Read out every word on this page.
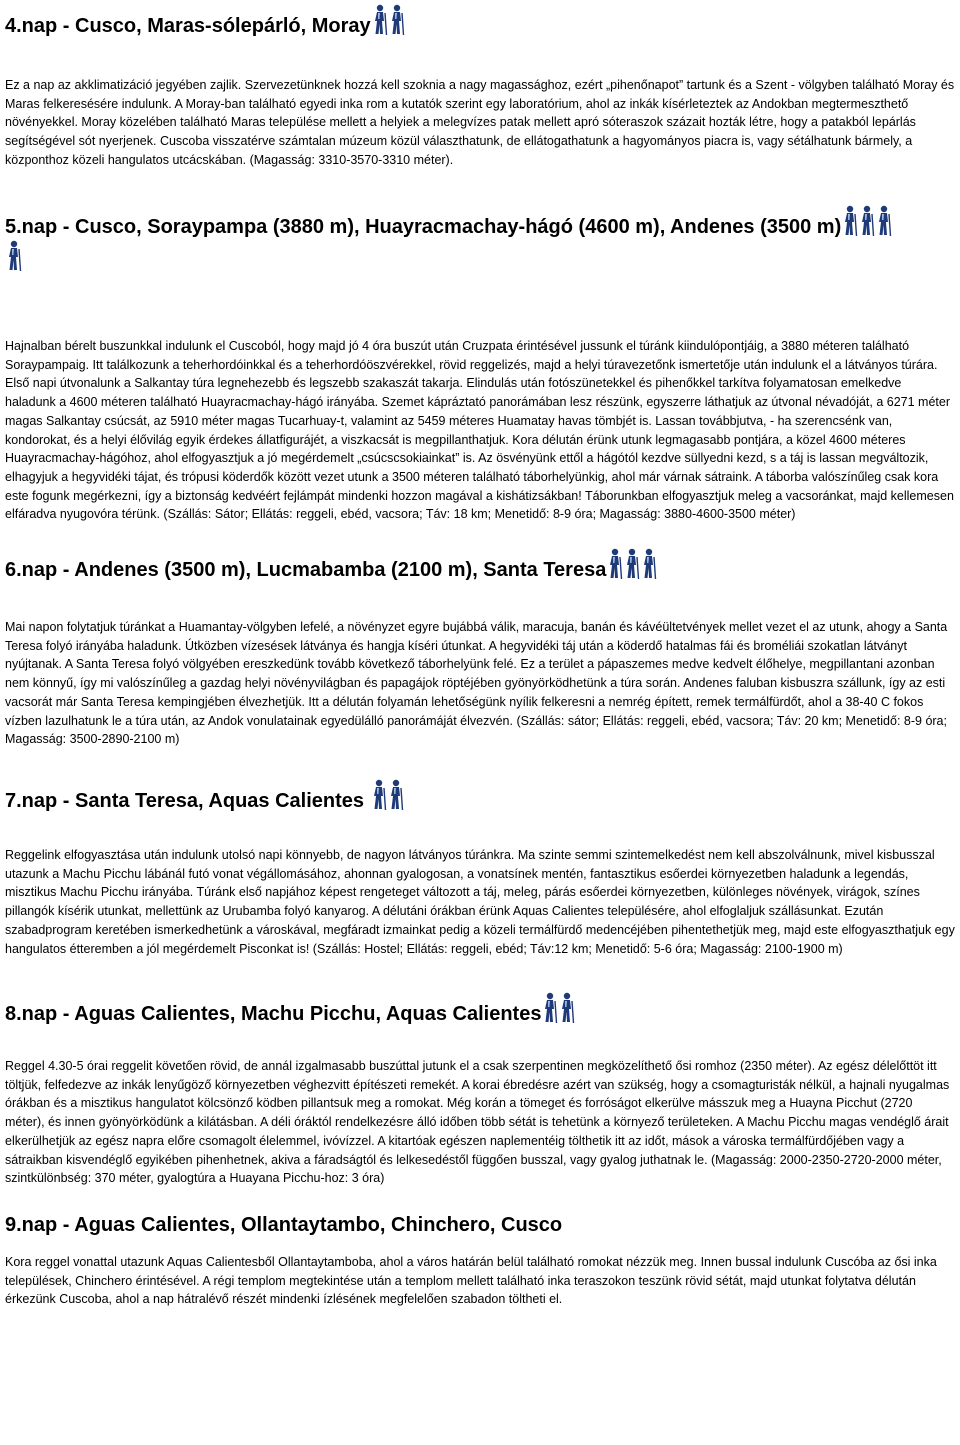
4.nap - Cusco, Maras-sólepárló, Moray

Ez a nap az akklimatizáció jegyében zajlik. Szervezetünknek hozzá kell szoknia a nagy magassághoz, ezért „pihenőnapot” tartunk és a Szent - völgyben található Moray és Maras felkeresésére indulunk. A Moray-ban található egyedi inka rom a kutatók szerint egy laboratórium, ahol az inkák kísérleteztek az Andokban megtermeszthető növényekkel. Moray közelében található Maras települése mellett a helyiek a melegvízes patak mellett apró sóteraszok százait hozták létre, hogy a patakból lepárlás segítségével sót nyerjenek. Cuscoba visszatérve számtalan múzeum közül választhatunk, de ellátogathatunk a hagyományos piacra is, vagy sétálhatunk bármely, a központhoz közeli hangulatos utcácskában. (Magasság: 3310-3570-3310 méter).

5.nap - Cusco, Soraypampa (3880 m), Huayracmachay-hágó (4600 m), Andenes (3500 m)

Hajnalban bérelt buszunkkal indulunk el Cuscoból, hogy majd jó 4 óra buszút után Cruzpata érintésével jussunk el túránk kiindulópontjáig, a 3880 méteren található Soraypampaig. Itt találkozunk a teherhordóinkkal és a teherhordóöszvérekkel, rövid reggelizés, majd a helyi túravezetőnk ismertetője után indulunk el a látványos túrára. Első napi útvonalunk a Salkantay túra legnehezebb és legszebb szakaszát takarja. Elindulás után fotószünetekkel és pihenőkkel tarkítva folyamatosan emelkedve haladunk a 4600 méteren található Huayracmachay-hágó irányába. Szemet kápráztató panorámában lesz részünk, egyszerre láthatjuk az útvonal névadóját, a 6271 méter magas Salkantay csúcsát, az 5910 méter magas Tucarhuay-t, valamint az 5459 méteres Huamatay havas tömbjét is. Lassan továbbjutva, - ha szerencsénk van, kondorokat, és a helyi élővilág egyik érdekes állatfigurájét, a viszkacsát is megpillanthatjuk. Kora délután érünk utunk legmagasabb pontjára, a közel 4600 méteres Huayracmachay-hágóhoz, ahol elfogyasztjuk a jó megérdemelt „csúcscsokiainkat” is. Az ösvényünk ettől a hágótól kezdve süllyedni kezd, s a táj is lassan megváltozik, elhagyjuk a hegyvidéki tájat, és trópusi köderdők között vezet utunk a 3500 méteren található táborhelyünkig, ahol már várnak sátraink. A táborba valószínűleg csak kora este fogunk megérkezni, így a biztonság kedvéért fejlámpát mindenki hozzon magával a kishátizsákban! Táborunkban elfogyasztjuk meleg a vacsoránkat, majd kellemesen elfáradva nyugovóra térünk. (Szállás: Sátor; Ellátás: reggeli, ebéd, vacsora; Táv: 18 km; Menetidő: 8-9 óra; Magasság: 3880-4600-3500 méter)

6.nap - Andenes (3500 m), Lucmabamba (2100 m), Santa Teresa

Mai napon folytatjuk túránkat a Huamantay-völgyben lefelé, a növényzet egyre bujábbá válik, maracuja, banán és kávéültetvények mellet vezet el az utunk, ahogy a Santa Teresa folyó irányába haladunk. Útközben vízesések látványa és hangja kíséri útunkat. A hegyvidéki táj után a köderdő hatalmas fái és broméliái szokatlan látványt nyújtanak. A Santa Teresa folyó völgyében ereszkedünk tovább következő táborhelyünk felé. Ez a terület a pápaszemes medve kedvelt élőhelye, megpillantani azonban nem könnyű, így mi valószínűleg a gazdag helyi növényvilágban és papagájok röptéjében gyönyörködhetünk a túra során. Andenes faluban kisbuszra szállunk, így az esti vacsorát már Santa Teresa kempingjében élvezhetjük. Itt a délután folyamán lehetőségünk nyílik felkeresni a nemrég épített, remek termálfürdőt, ahol a 38-40 C fokos vízben lazulhatunk le a túra után, az Andok vonulatainak egyedülálló panorámáját élvezvén. (Szállás: sátor; Ellátás: reggeli, ebéd, vacsora; Táv: 20 km; Menetidő: 8-9 óra; Magasság: 3500-2890-2100 m)

7.nap - Santa Teresa, Aquas Calientes

Reggelink elfogyasztása után indulunk utolsó napi könnyebb, de nagyon látványos túránkra. Ma szinte semmi szintemelkedést nem kell abszolválnunk, mivel kisbusszal utazunk a Machu Picchu lábánál futó vonat végállomásához, ahonnan gyalogosan, a vonatsínek mentén, fantasztikus esőerdei környezetben haladunk a legendás, misztikus Machu Picchu irányába. Túránk első napjához képest rengeteget változott a táj, meleg, párás esőerdei környezetben, különleges növények, virágok, színes pillangók kísérik utunkat, mellettünk az Urubamba folyó kanyarog. A délutáni órákban érünk Aquas Calientes településére, ahol elfoglaljuk szállásunkat. Ezután szabadprogram keretében ismerkedhetünk a városkával, megfáradt izmainkat pedig a közeli termálfürdő medencéjében pihentethetjük meg, majd este elfogyaszthatjuk egy hangulatos étteremben a jól megérdemelt Pisconkat is! (Szállás: Hostel; Ellátás: reggeli, ebéd; Táv:12 km; Menetidő: 5-6 óra; Magasság: 2100-1900 m)

8.nap - Aguas Calientes, Machu Picchu, Aquas Calientes

Reggel 4.30-5 órai reggelit követően rövid, de annál izgalmasabb buszúttal jutunk el a csak szerpentinen megközelíthető ősi romhoz (2350 méter). Az egész délelőttöt itt töltjük, felfedezve az inkák lenyűgöző környezetben véghezvitt építészeti remekét. A korai ébredésre azért van szükség, hogy a csomagturisták nélkül, a hajnali nyugalmas órákban és a misztikus hangulatot kölcsönző ködben pillantsuk meg a romokat. Még korán a tömeget és forróságot elkerülve másszuk meg a Huayna Picchut (2720 méter), és innen gyönyörködünk a kilátásban. A déli óráktól rendelkezésre álló időben több sétát is tehetünk a környező területeken. A Machu Picchu magas vendéglő árait elkerülhetjük az egész napra előre csomagolt élelemmel, ivóvízzel. A kitartóak egészen naplementéig tölthetik itt az időt, mások a városka termálfürdőjében vagy a sátraikban kisvendéglő egyikében pihenhetnek, akiva a fáradságtól és lelkesedéstől függően busszal, vagy gyalog juthatnak le. (Magasság: 2000-2350-2720-2000 méter, szintkülönbség: 370 méter, gyalogtúra a Huayana Picchu-hoz: 3 óra)

9.nap - Aguas Calientes, Ollantaytambo, Chinchero, Cusco

Kora reggel vonattal utazunk Aquas Calientesből Ollantaytamboba, ahol a város határán belül található romokat nézzük meg. Innen bussal indulunk Cuscóba az ősi inka települések, Chinchero érintésével. A régi templom megtekintése után a templom mellett található inka teraszokon teszünk rövid sétát, majd utunkat folytatva délután érkezünk Cuscoba, ahol a nap hátralévő részét mindenki ízlésének megfelelően szabadon töltheti el.
